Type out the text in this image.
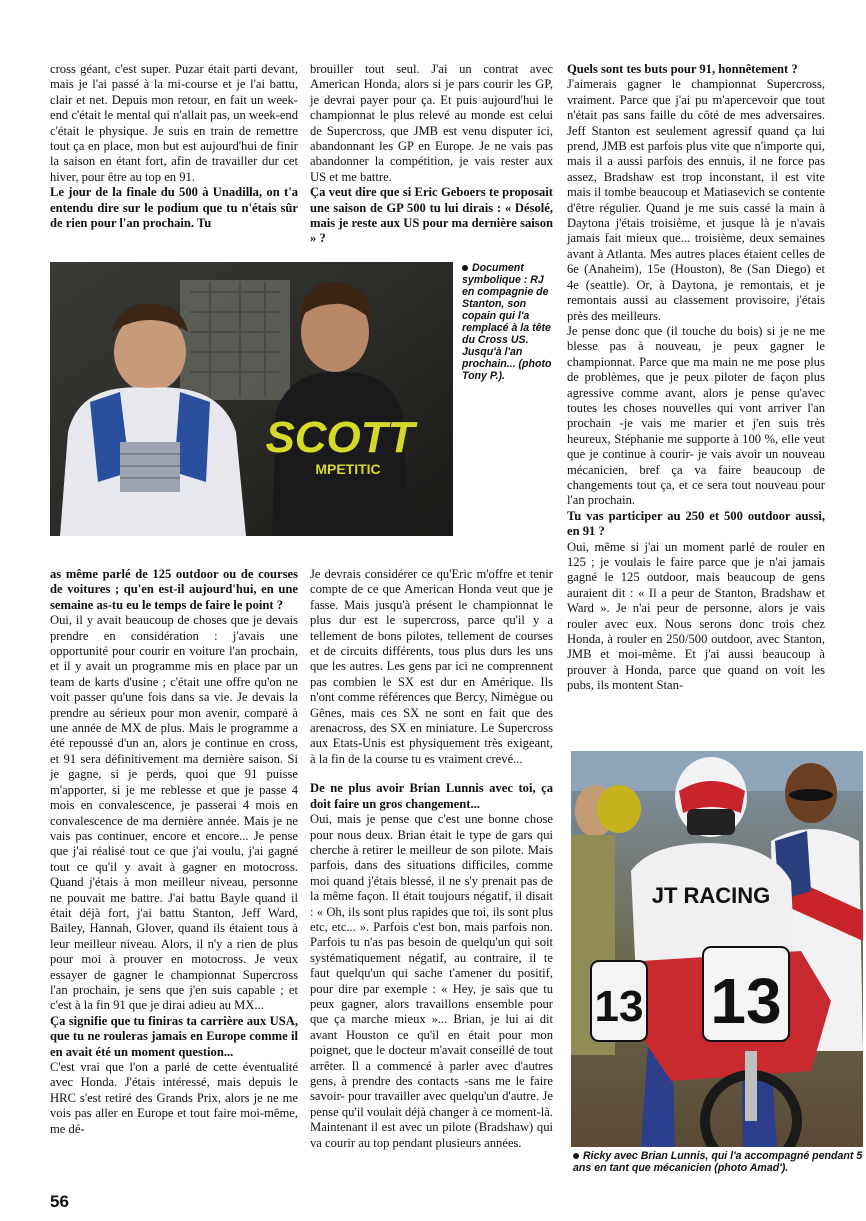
cross géant, c'est super. Puzar était parti devant, mais je l'ai passé à la mi-course et je l'ai battu, clair et net. Depuis mon retour, en fait un week-end c'était le mental qui n'allait pas, un week-end c'était le physique. Je suis en train de remettre tout ça en place, mon but est aujourd'hui de finir la saison en étant fort, afin de travailler dur cet hiver, pour être au top en 91.

Le jour de la finale du 500 à Unadilla, on t'a entendu dire sur le podium que tu n'étais sûr de rien pour l'an prochain. Tu

brouiller tout seul. J'ai un contrat avec American Honda, alors si je pars courir les GP, je devrai payer pour ça. Et puis aujourd'hui le championnat le plus relevé au monde est celui de Supercross, que JMB est venu disputer ici, abandonnant les GP en Europe. Je ne vais pas abandonner la compétition, je vais rester aux US et me battre.

Ça veut dire que si Eric Geboers te proposait une saison de GP 500 tu lui dirais : « Désolé, mais je reste aux US pour ma dernière saison » ?

SCOTT
MPETITIC
Document symbolique : RJ en compagnie de Stanton, son copain qui l'a remplacé à la tête du Cross US. Jusqu'à l'an prochain... (photo Tony P.).

Quels sont tes buts pour 91, honnêtement ?

J'aimerais gagner le championnat Supercross, vraiment. Parce que j'ai pu m'apercevoir que tout n'était pas sans faille du côté de mes adversaires. Jeff Stanton est seulement agressif quand ça lui prend, JMB est parfois plus vite que n'importe qui, mais il a aussi parfois des ennuis, il ne force pas assez, Bradshaw est trop inconstant, il est vite mais il tombe beaucoup et Matiasevich se contente d'être régulier. Quand je me suis cassé la main à Daytona j'étais troisième, et jusque là je n'avais jamais fait mieux que... troisième, deux semaines avant à Atlanta. Mes autres places étaient celles de 6e (Anaheim), 15e (Houston), 8e (San Diego) et 4e (seattle). Or, à Daytona, je remontais, et je remontais aussi au classement provisoire, j'étais près des meilleurs.

Je pense donc que (il touche du bois) si je ne me blesse pas à nouveau, je peux gagner le championnat. Parce que ma main ne me pose plus de problèmes, que je peux piloter de façon plus agressive comme avant, alors je pense qu'avec toutes les choses nouvelles qui vont arriver l'an prochain -je vais me marier et j'en suis très heureux, Stéphanie me supporte à 100 %, elle veut que je continue à courir- je vais avoir un nouveau mécanicien, bref ça va faire beaucoup de changements tout ça, et ce sera tout nouveau pour l'an prochain.

Tu vas participer au 250 et 500 outdoor aussi, en 91 ?

Oui, même si j'ai un moment parlé de rouler en 125 ; je voulais le faire parce que je n'ai jamais gagné le 125 outdoor, mais beaucoup de gens auraient dit : « Il a peur de Stanton, Bradshaw et Ward ». Je n'ai peur de personne, alors je vais rouler avec eux. Nous serons donc trois chez Honda, à rouler en 250/500 outdoor, avec Stanton, JMB et moi-même. Et j'ai aussi beaucoup à prouver à Honda, parce que quand on voit les pubs, ils montent Stan-

as même parlé de 125 outdoor ou de courses de voitures ; qu'en est-il aujourd'hui, en une semaine as-tu eu le temps de faire le point ?

Oui, il y avait beaucoup de choses que je devais prendre en considération : j'avais une opportunité pour courir en voiture l'an prochain, et il y avait un programme mis en place par un team de karts d'usine ; c'était une offre qu'on ne voit passer qu'une fois dans sa vie. Je devais la prendre au sérieux pour mon avenir, comparé à une année de MX de plus. Mais le programme a été repoussé d'un an, alors je continue en cross, et 91 sera définitivement ma dernière saison. Si je gagne, si je perds, quoi que 91 puisse m'apporter, si je me reblesse et que je passe 4 mois en convalescence, je passerai 4 mois en convalescence de ma dernière année. Mais je ne vais pas continuer, encore et encore... Je pense que j'ai réalisé tout ce que j'ai voulu, j'ai gagné tout ce qu'il y avait à gagner en motocross. Quand j'étais à mon meilleur niveau, personne ne pouvait me battre. J'ai battu Bayle quand il était déjà fort, j'ai battu Stanton, Jeff Ward, Bailey, Hannah, Glover, quand ils étaient tous à leur meilleur niveau. Alors, il n'y a rien de plus pour moi à prouver en motocross. Je veux essayer de gagner le championnat Supercross l'an prochain, je sens que j'en suis capable ; et c'est à la fin 91 que je dirai adieu au MX...

Ça signifie que tu finiras ta carrière aux USA, que tu ne rouleras jamais en Europe comme il en avait été un moment question...

C'est vrai que l'on a parlé de cette éventualité avec Honda. J'étais intéressé, mais depuis le HRC s'est retiré des Grands Prix, alors je ne me vois pas aller en Europe et tout faire moi-même, me dé-

Je devrais considérer ce qu'Eric m'offre et tenir compte de ce que American Honda veut que je fasse. Mais jusqu'à présent le championnat le plus dur est le supercross, parce qu'il y a tellement de bons pilotes, tellement de courses et de circuits différents, tous plus durs les uns que les autres. Les gens par ici ne comprennent pas combien le SX est dur en Amérique. Ils n'ont comme références que Bercy, Nimègue ou Gênes, mais ces SX ne sont en fait que des arenacross, des SX en miniature. Le Supercross aux Etats-Unis est physiquement très exigeant, à la fin de la course tu es vraiment crevé...

De ne plus avoir Brian Lunnis avec toi, ça doit faire un gros changement...

Oui, mais je pense que c'est une bonne chose pour nous deux. Brian était le type de gars qui cherche à retirer le meilleur de son pilote. Mais parfois, dans des situations difficiles, comme moi quand j'étais blessé, il ne s'y prenait pas de la même façon. Il était toujours négatif, il disait : « Oh, ils sont plus rapides que toi, ils sont plus etc, etc... ». Parfois c'est bon, mais parfois non. Parfois tu n'as pas besoin de quelqu'un qui soit systématiquement négatif, au contraire, il te faut quelqu'un qui sache t'amener du positif, pour dire par exemple : « Hey, je sais que tu peux gagner, alors travaillons ensemble pour que ça marche mieux »... Brian, je lui ai dit avant Houston ce qu'il en était pour mon poignet, que le docteur m'avait conseillé de tout arrêter. Il a commencé à parler avec d'autres gens, à prendre des contacts -sans me le faire savoir- pour travailler avec quelqu'un d'autre. Je pense qu'il voulait déjà changer à ce moment-là. Maintenant il est avec un pilote (Bradshaw) qui va courir au top pendant plusieurs années.

JT RACING
13
13
Ricky avec Brian Lunnis, qui l'a accompagné pendant 5 ans en tant que mécanicien (photo Amad').
56
